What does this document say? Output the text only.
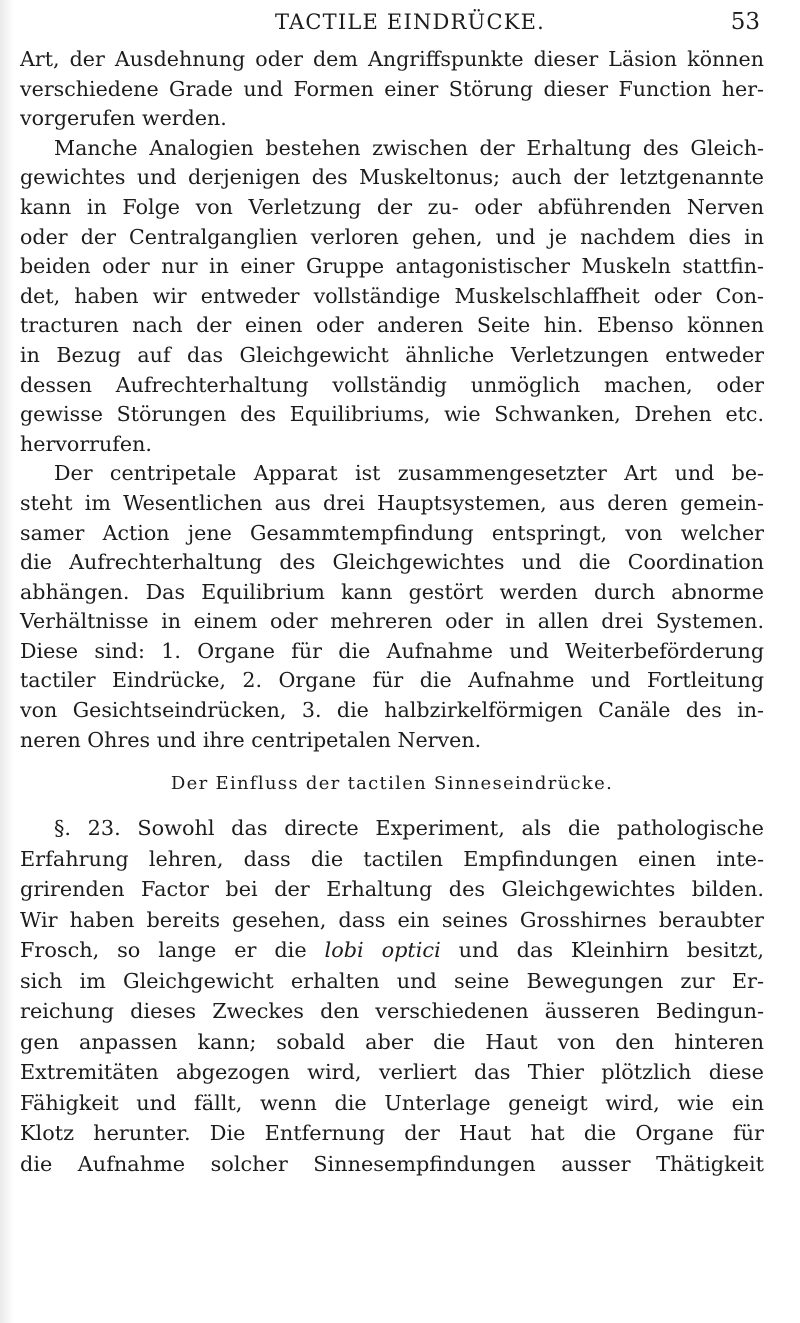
TACTILE EINDRÜCKE.	53
Art, der Ausdehnung oder dem Angriffspunkte dieser Läsion können
verschiedene Grade und Formen einer Störung dieser Function her-
vorgerufen werden.
Manche Analogien bestehen zwischen der Erhaltung des Gleich-
gewichtes und derjenigen des Muskeltonus; auch der letztgenannte
kann in Folge von Verletzung der zu- oder abführenden Nerven
oder der Centralganglien verloren gehen, und je nachdem dies in
beiden oder nur in einer Gruppe antagonistischer Muskeln stattfin-
det, haben wir entweder vollständige Muskelschlaffheit oder Con-
tracturen nach der einen oder anderen Seite hin. Ebenso können
in Bezug auf das Gleichgewicht ähnliche Verletzungen entweder
dessen Aufrechterhaltung vollständig unmöglich machen, oder
gewisse Störungen des Equilibriums, wie Schwanken, Drehen etc.
hervorrufen.
Der centripetale Apparat ist zusammengesetzter Art und be-
steht im Wesentlichen aus drei Hauptsystemen, aus deren gemein-
samer Action jene Gesammtempfindung entspringt, von welcher
die Aufrechterhaltung des Gleichgewichtes und die Coordination
abhängen. Das Equilibrium kann gestört werden durch abnorme
Verhältnisse in einem oder mehreren oder in allen drei Systemen.
Diese sind: 1. Organe für die Aufnahme und Weiterbeförderung
tactiler Eindrücke, 2. Organe für die Aufnahme und Fortleitung
von Gesichtseindrücken, 3. die halbzirkelförmigen Canäle des in-
neren Ohres und ihre centripetalen Nerven.
Der Einfluss der tactilen Sinneseindrücke.
§. 23. Sowohl das directe Experiment, als die pathologische
Erfahrung lehren, dass die tactilen Empfindungen einen inte-
grirenden Factor bei der Erhaltung des Gleichgewichtes bilden.
Wir haben bereits gesehen, dass ein seines Grosshirnes beraubter
Frosch, so lange er die lobi optici und das Kleinhirn besitzt,
sich im Gleichgewicht erhalten und seine Bewegungen zur Er-
reichung dieses Zweckes den verschiedenen äusseren Bedingun-
gen anpassen kann; sobald aber die Haut von den hinteren
Extremitäten abgezogen wird, verliert das Thier plötzlich diese
Fähigkeit und fällt, wenn die Unterlage geneigt wird, wie ein
Klotz herunter. Die Entfernung der Haut hat die Organe für
die Aufnahme solcher Sinnesempfindungen ausser Thätigkeit
